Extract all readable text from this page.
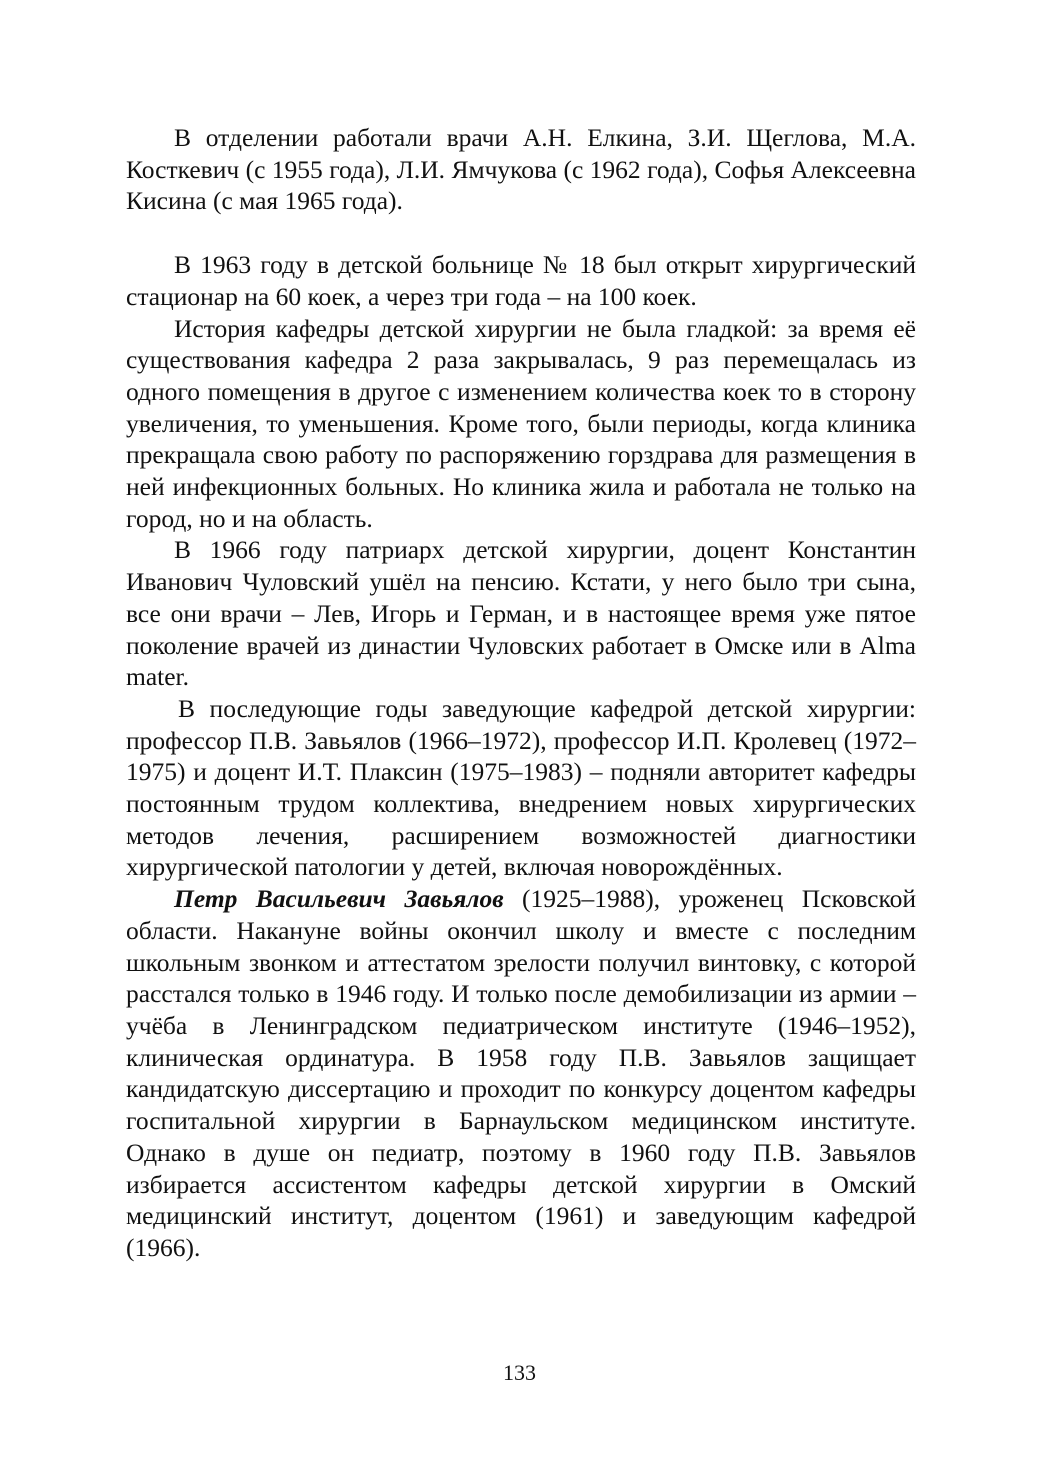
В отделении работали врачи А.Н. Елкина, З.И. Щеглова, М.А. Косткевич (с 1955 года), Л.И. Ямчукова (с 1962 года), Софья Алексеевна Кисина (с мая 1965 года).

В 1963 году в детской больнице № 18 был открыт хирургический стационар на 60 коек, а через три года – на 100 коек.

История кафедры детской хирургии не была гладкой: за время её существования кафедра 2 раза закрывалась, 9 раз перемещалась из одного помещения в другое с изменением количества коек то в сторону увеличения, то уменьшения. Кроме того, были периоды, когда клиника прекращала свою работу по распоряжению горздрава для размещения в ней инфекционных больных. Но клиника жила и работала не только на город, но и на область.

В 1966 году патриарх детской хирургии, доцент Константин Иванович Чуловский ушёл на пенсию. Кстати, у него было три сына, все они врачи – Лев, Игорь и Герман, и в настоящее время уже пятое поколение врачей из династии Чуловских работает в Омске или в Alma mater.

В последующие годы заведующие кафедрой детской хирургии: профессор П.В. Завьялов (1966–1972), профессор И.П. Кролевец (1972–1975) и доцент И.Т. Плаксин (1975–1983) – подняли авторитет кафедры постоянным трудом коллектива, внедрением новых хирургических методов лечения, расширением возможностей диагностики хирургической патологии у детей, включая новорождённых.

Петр Васильевич Завьялов (1925–1988), уроженец Псковской области. Накануне войны окончил школу и вместе с последним школьным звонком и аттестатом зрелости получил винтовку, с которой расстался только в 1946 году. И только после демобилизации из армии – учёба в Ленинградском педиатрическом институте (1946–1952), клиническая ординатура. В 1958 году П.В. Завьялов защищает кандидатскую диссертацию и проходит по конкурсу доцентом кафедры госпитальной хирургии в Барнаульском медицинском институте. Однако в душе он педиатр, поэтому в 1960 году П.В. Завьялов избирается ассистентом кафедры детской хирургии в Омский медицинский институт, доцентом (1961) и заведующим кафедрой (1966).

133
